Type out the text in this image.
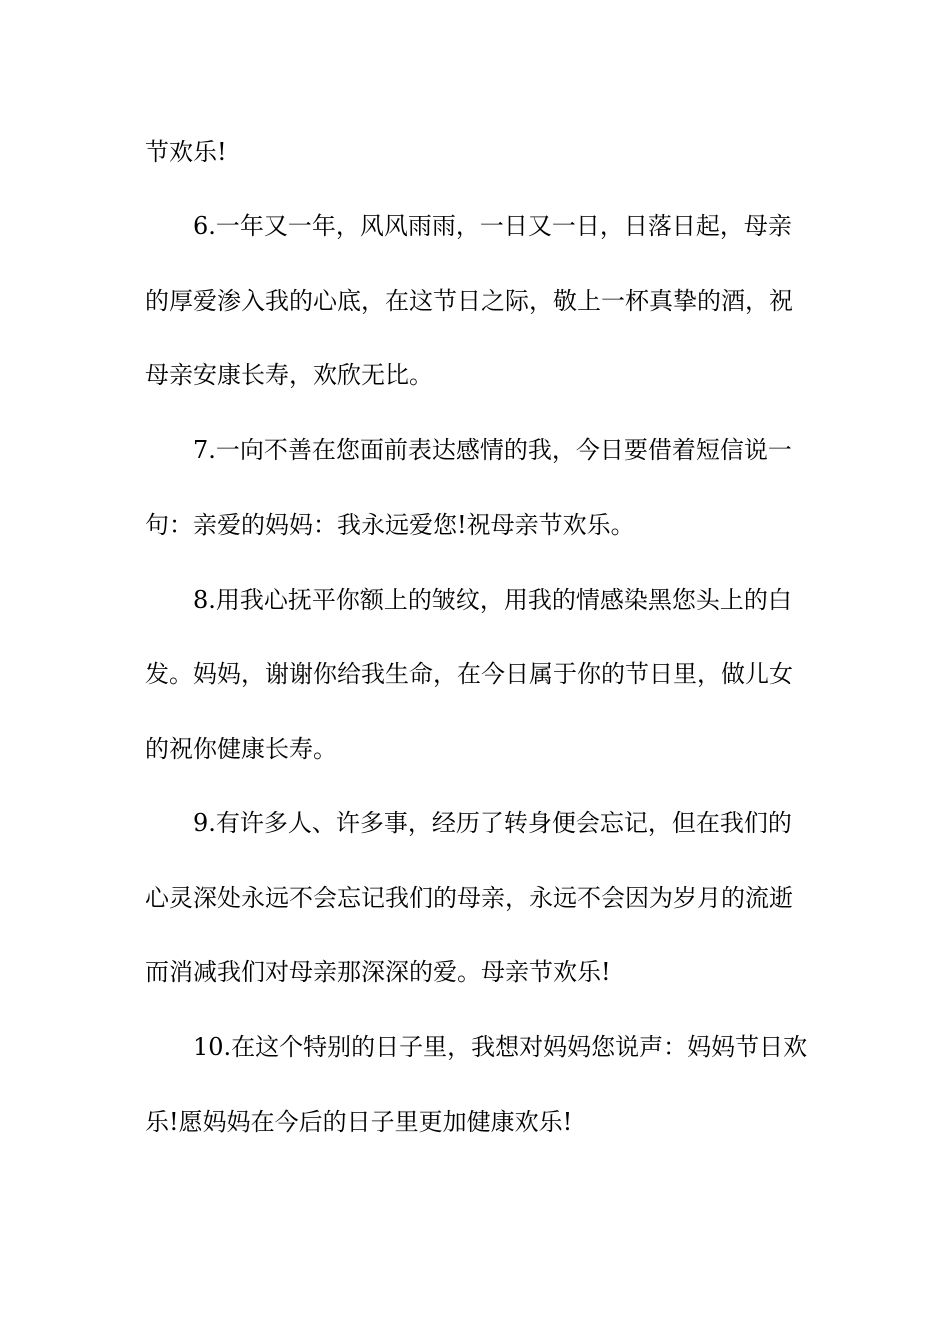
节欢乐!
6.一年又一年，风风雨雨，一日又一日，日落日起，母亲
的厚爱渗入我的心底，在这节日之际，敬上一杯真挚的酒，祝
母亲安康长寿，欢欣无比。
7.一向不善在您面前表达感情的我，今日要借着短信说一
句：亲爱的妈妈：我永远爱您!祝母亲节欢乐。
8.用我心抚平你额上的皱纹，用我的情感染黑您头上的白
发。妈妈，谢谢你给我生命，在今日属于你的节日里，做儿女
的祝你健康长寿。
9.有许多人、许多事，经历了转身便会忘记，但在我们的
心灵深处永远不会忘记我们的母亲，永远不会因为岁月的流逝
而消减我们对母亲那深深的爱。母亲节欢乐!
10.在这个特别的日子里，我想对妈妈您说声：妈妈节日欢
乐!愿妈妈在今后的日子里更加健康欢乐!
